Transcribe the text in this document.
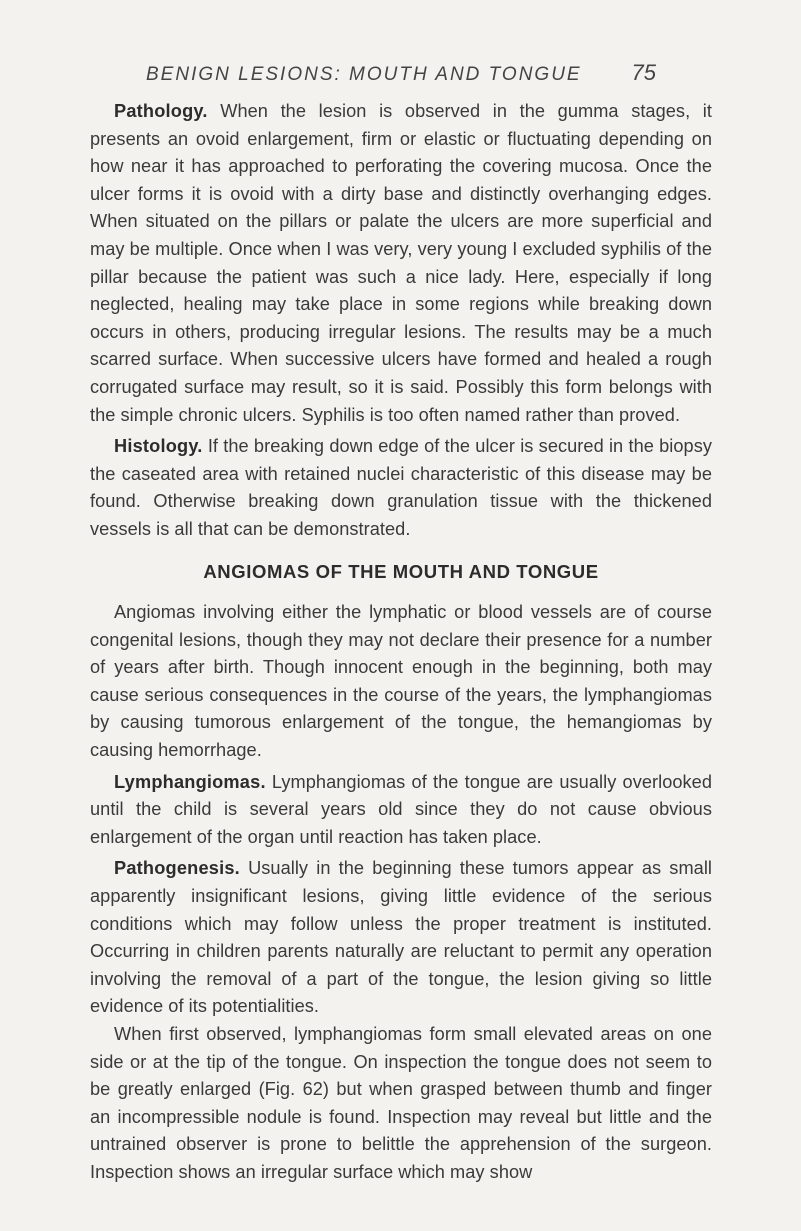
BENIGN LESIONS: MOUTH AND TONGUE 75

Pathology. When the lesion is observed in the gumma stages, it presents an ovoid enlargement, firm or elastic or fluctuating depending on how near it has approached to perforating the covering mucosa. Once the ulcer forms it is ovoid with a dirty base and distinctly overhanging edges. When situated on the pillars or palate the ulcers are more superficial and may be multiple. Once when I was very, very young I excluded syphilis of the pillar because the patient was such a nice lady. Here, especially if long neglected, healing may take place in some regions while breaking down occurs in others, producing irregular lesions. The results may be a much scarred surface. When successive ulcers have formed and healed a rough corrugated surface may result, so it is said. Possibly this form belongs with the simple chronic ulcers. Syphilis is too often named rather than proved.

Histology. If the breaking down edge of the ulcer is secured in the biopsy the caseated area with retained nuclei characteristic of this disease may be found. Otherwise breaking down granulation tissue with the thickened vessels is all that can be demonstrated.

ANGIOMAS OF THE MOUTH AND TONGUE

Angiomas involving either the lymphatic or blood vessels are of course congenital lesions, though they may not declare their presence for a number of years after birth. Though innocent enough in the beginning, both may cause serious consequences in the course of the years, the lymphangiomas by causing tumorous enlargement of the tongue, the hemangiomas by causing hemorrhage.

Lymphangiomas. Lymphangiomas of the tongue are usually overlooked until the child is several years old since they do not cause obvious enlargement of the organ until reaction has taken place.

Pathogenesis. Usually in the beginning these tumors appear as small apparently insignificant lesions, giving little evidence of the serious conditions which may follow unless the proper treatment is instituted. Occurring in children parents naturally are reluctant to permit any operation involving the removal of a part of the tongue, the lesion giving so little evidence of its potentialities.

When first observed, lymphangiomas form small elevated areas on one side or at the tip of the tongue. On inspection the tongue does not seem to be greatly enlarged (Fig. 62) but when grasped between thumb and finger an incompressible nodule is found. Inspection may reveal but little and the untrained observer is prone to belittle the apprehension of the surgeon. Inspection shows an irregular surface which may show
